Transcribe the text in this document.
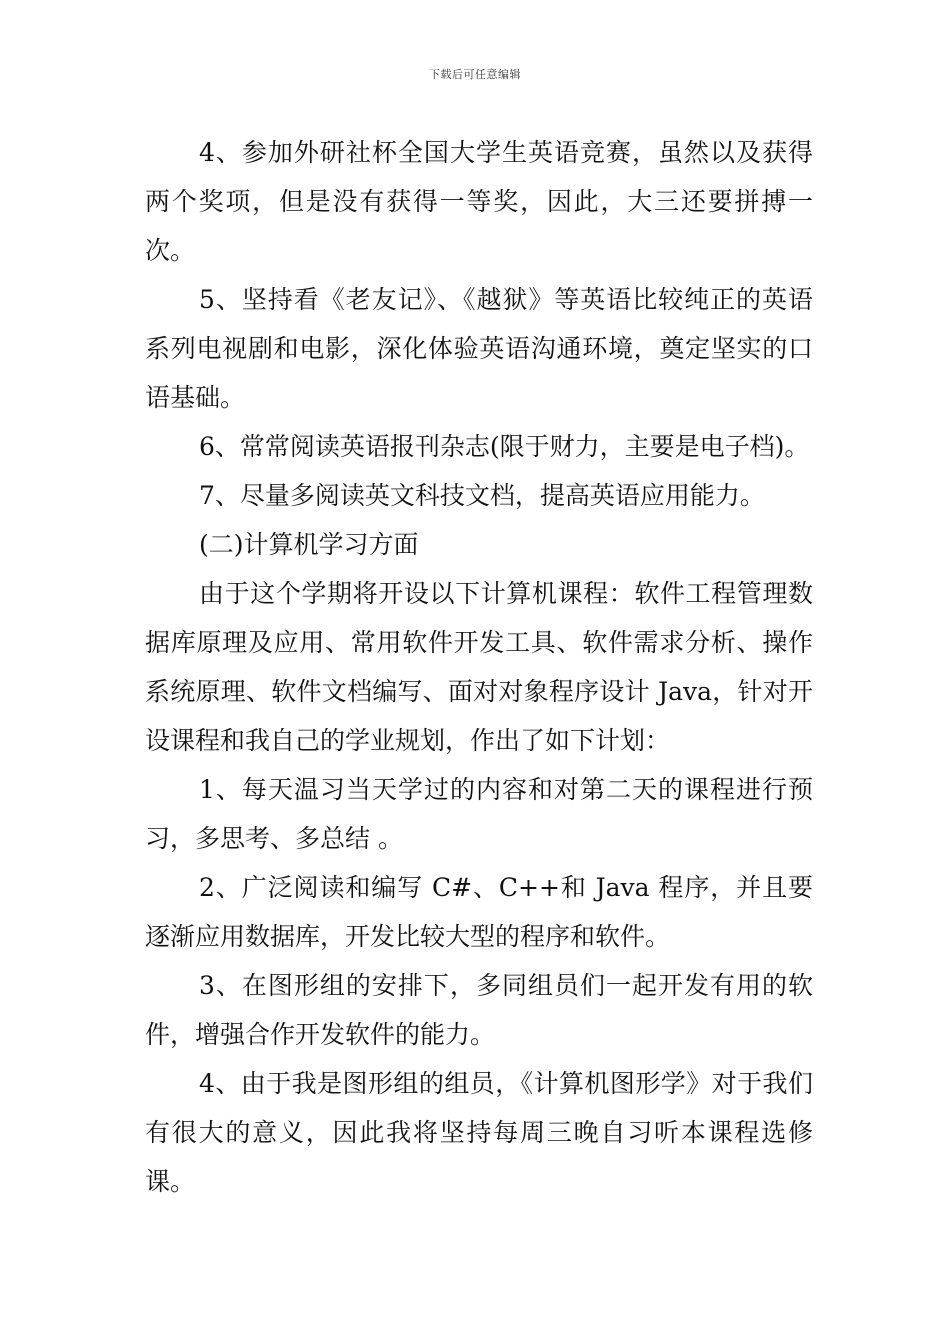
下载后可任意编辑

4、参加外研社杯全国大学生英语竞赛，虽然以及获得两个奖项，但是没有获得一等奖，因此，大三还要拼搏一次。

5、坚持看《老友记》、《越狱》等英语比较纯正的英语系列电视剧和电影，深化体验英语沟通环境，奠定坚实的口语基础。

6、常常阅读英语报刊杂志(限于财力，主要是电子档)。

7、尽量多阅读英文科技文档，提高英语应用能力。

(二)计算机学习方面

由于这个学期将开设以下计算机课程：软件工程管理数据库原理及应用、常用软件开发工具、软件需求分析、操作系统原理、软件文档编写、面对对象程序设计 Java，针对开设课程和我自己的学业规划，作出了如下计划：

1、每天温习当天学过的内容和对第二天的课程进行预习，多思考、多总结 。

2、广泛阅读和编写 C#、C++和 Java 程序，并且要逐渐应用数据库，开发比较大型的程序和软件。

3、在图形组的安排下，多同组员们一起开发有用的软件，增强合作开发软件的能力。

4、由于我是图形组的组员，《计算机图形学》对于我们有很大的意义，因此我将坚持每周三晚自习听本课程选修课。
